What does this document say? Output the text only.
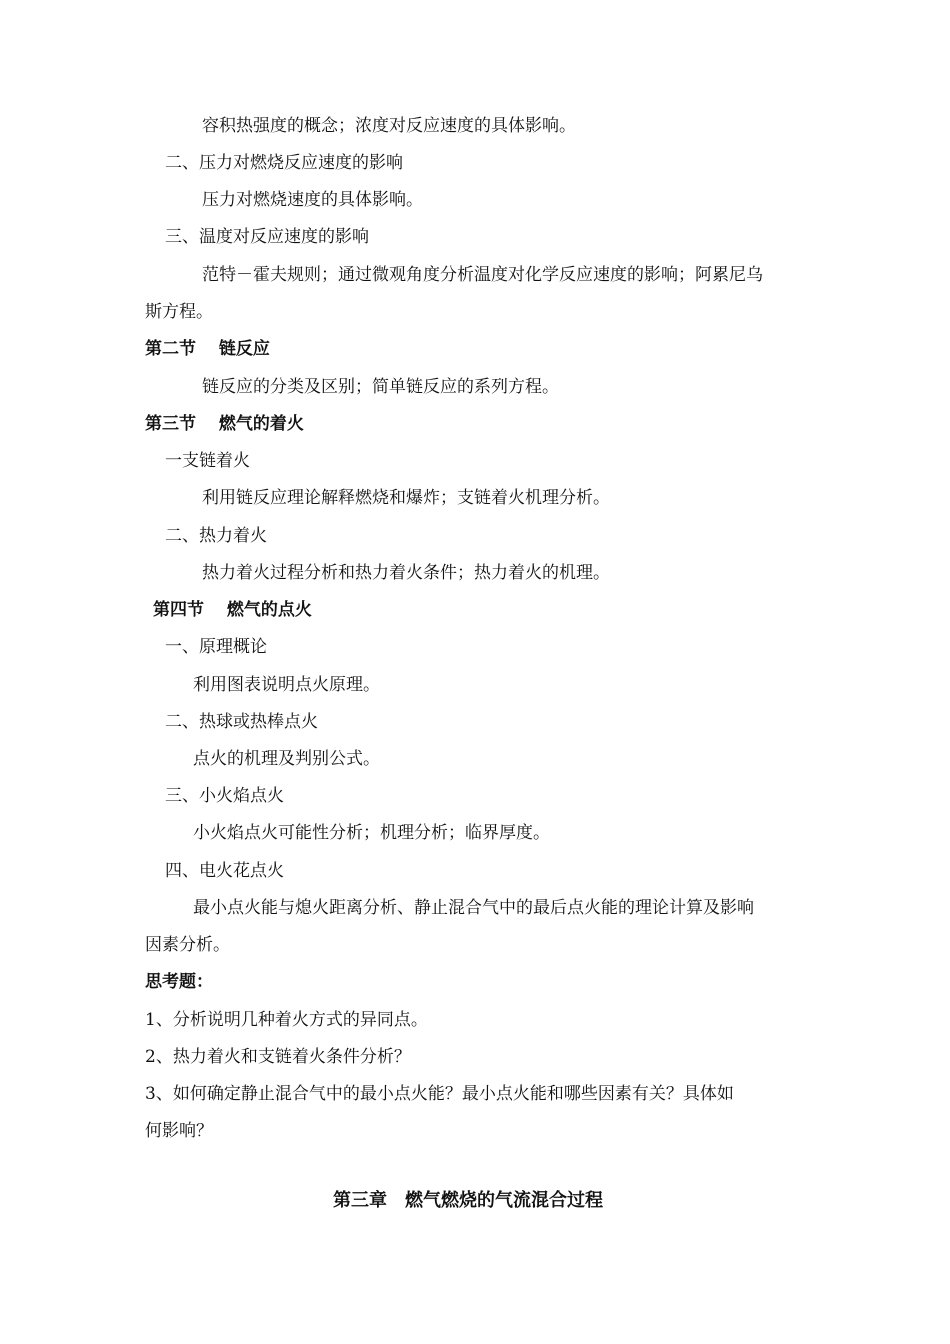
容积热强度的概念；浓度对反应速度的具体影响。
二、压力对燃烧反应速度的影响
压力对燃烧速度的具体影响。
三、温度对反应速度的影响
范特－霍夫规则；通过微观角度分析温度对化学反应速度的影响；阿累尼乌
斯方程。
第二节　 链反应
链反应的分类及区别；简单链反应的系列方程。
第三节　 燃气的着火
一支链着火
利用链反应理论解释燃烧和爆炸；支链着火机理分析。
二、热力着火
热力着火过程分析和热力着火条件；热力着火的机理。
第四节　 燃气的点火
一、原理概论
利用图表说明点火原理。
二、热球或热棒点火
点火的机理及判别公式。
三、小火焰点火
小火焰点火可能性分析；机理分析；临界厚度。
四、电火花点火
最小点火能与熄火距离分析、静止混合气中的最后点火能的理论计算及影响
因素分析。
思考题：
1、分析说明几种着火方式的异同点。
2、热力着火和支链着火条件分析？
3、如何确定静止混合气中的最小点火能？最小点火能和哪些因素有关？具体如
何影响？
第三章　燃气燃烧的气流混合过程
